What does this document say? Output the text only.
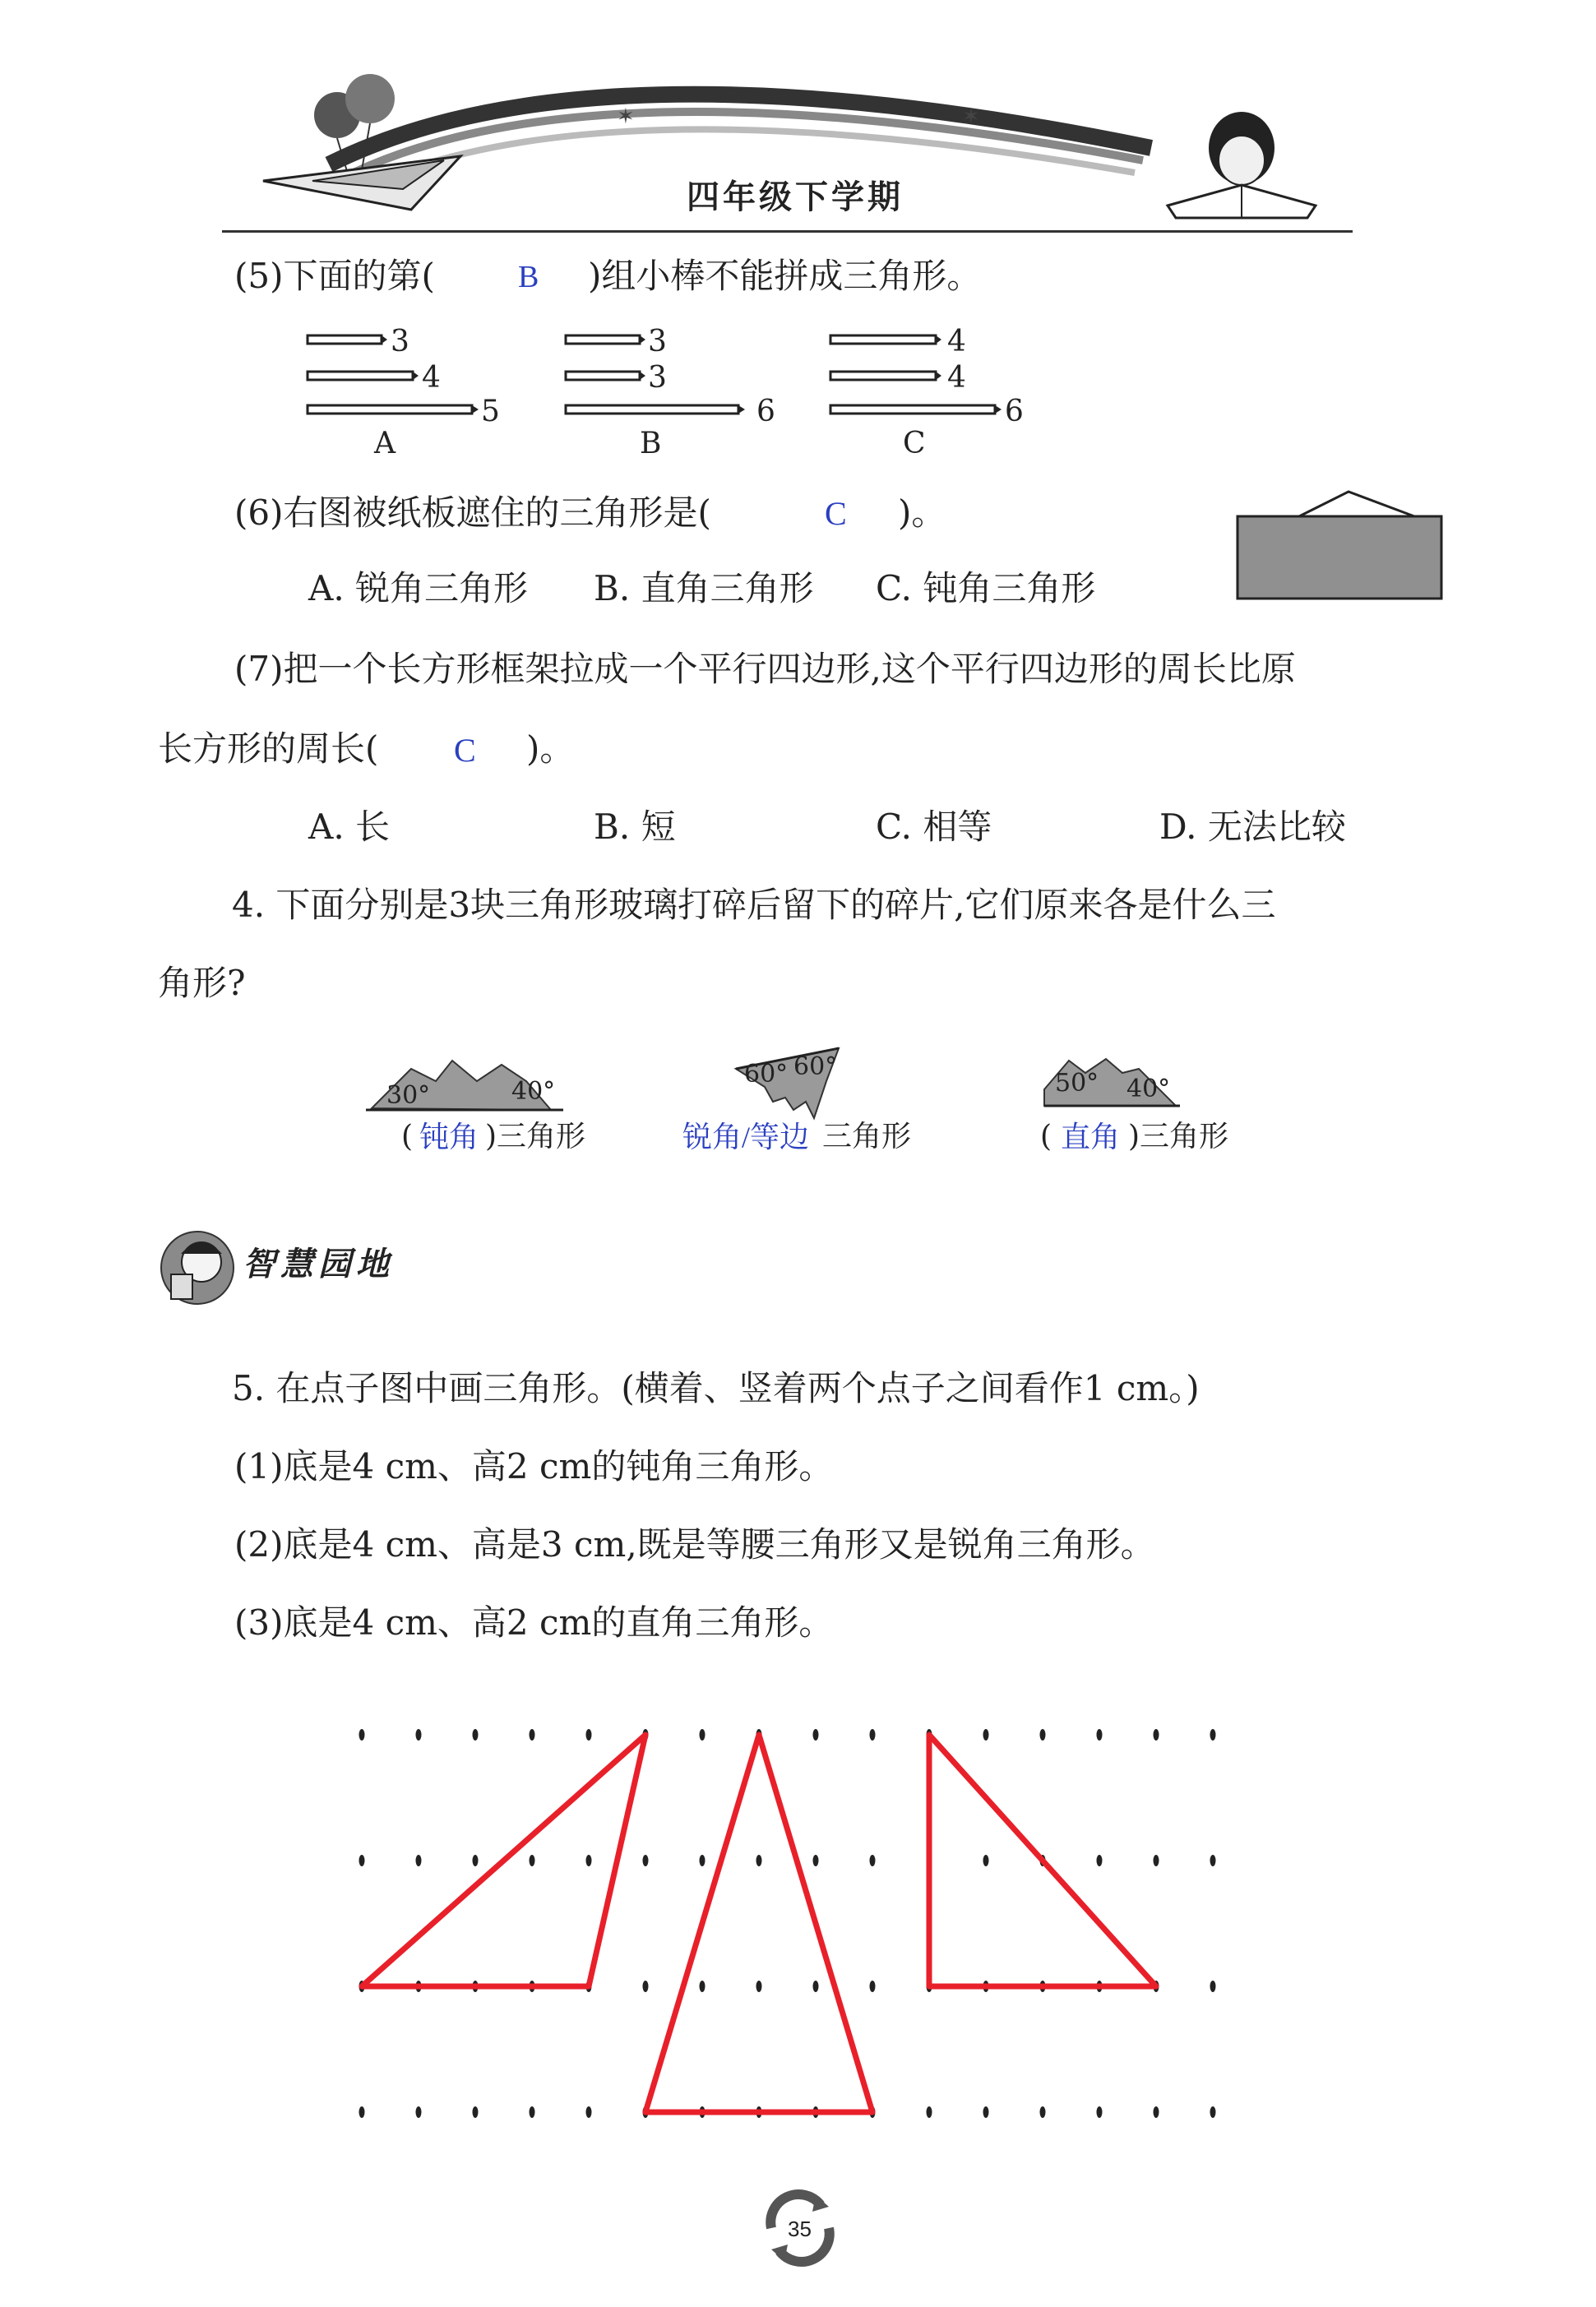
✶	✶
四年级下学期
(5)下面的第(	B )组小棒不能拼成三角形。
3
4
5
3
3
6
4
4
6
A	B	C
(6)右图被纸板遮住的三角形是(	C )。
A. 锐角三角形 B. 直角三角形 C. 钝角三角形
(7)把一个长方形框架拉成一个平行四边形,这个平行四边形的周长比原
长方形的周长( C )。
A. 长	B. 短	C. 相等	D. 无法比较
4. 下面分别是3块三角形玻璃打碎后留下的碎片,它们原来各是什么三
角形?
30°	40°
60° 60°
50° 40°
( 钝角 )三角形	锐角/等边 三角形	( 直角 )三角形
智慧园地
5. 在点子图中画三角形。(横着、竖着两个点子之间看作1 cm。)
(1)底是4 cm、高2 cm的钝角三角形。
(2)底是4 cm、高是3 cm,既是等腰三角形又是锐角三角形。
(3)底是4 cm、高2 cm的直角三角形。
35
